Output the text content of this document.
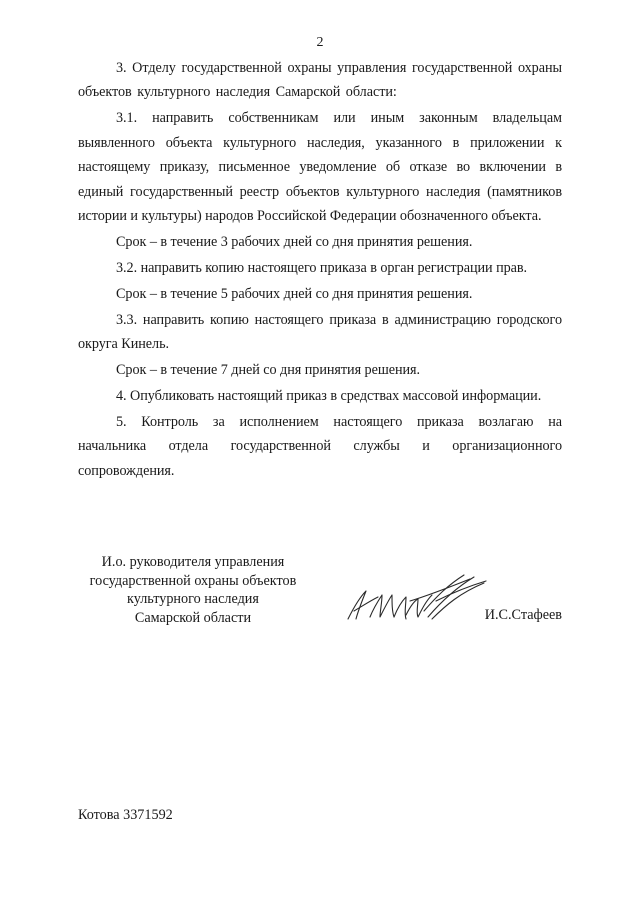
2

3. Отделу государственной охраны управления государственной охраны объектов культурного наследия Самарской области:

3.1. направить собственникам или иным законным владельцам выявленного объекта культурного наследия, указанного в приложении к настоящему приказу, письменное уведомление об отказе во включении в единый государственный реестр объектов культурного наследия (памятников истории и культуры) народов Российской Федерации обозначенного объекта.

Срок – в течение 3 рабочих дней со дня принятия решения.

3.2. направить копию настоящего приказа в орган регистрации прав.

Срок – в течение 5 рабочих дней со дня принятия решения.

3.3. направить копию настоящего приказа в администрацию городского округа Кинель.

Срок – в течение 7 дней со дня принятия решения.

4. Опубликовать настоящий приказ в средствах массовой информации.

5. Контроль за исполнением настоящего приказа возлагаю на начальника отдела государственной службы и организационного сопровождения.

И.о. руководителя управления
государственной охраны объектов
культурного наследия
Самарской области	И.С.Стафеев
Котова 3371592
